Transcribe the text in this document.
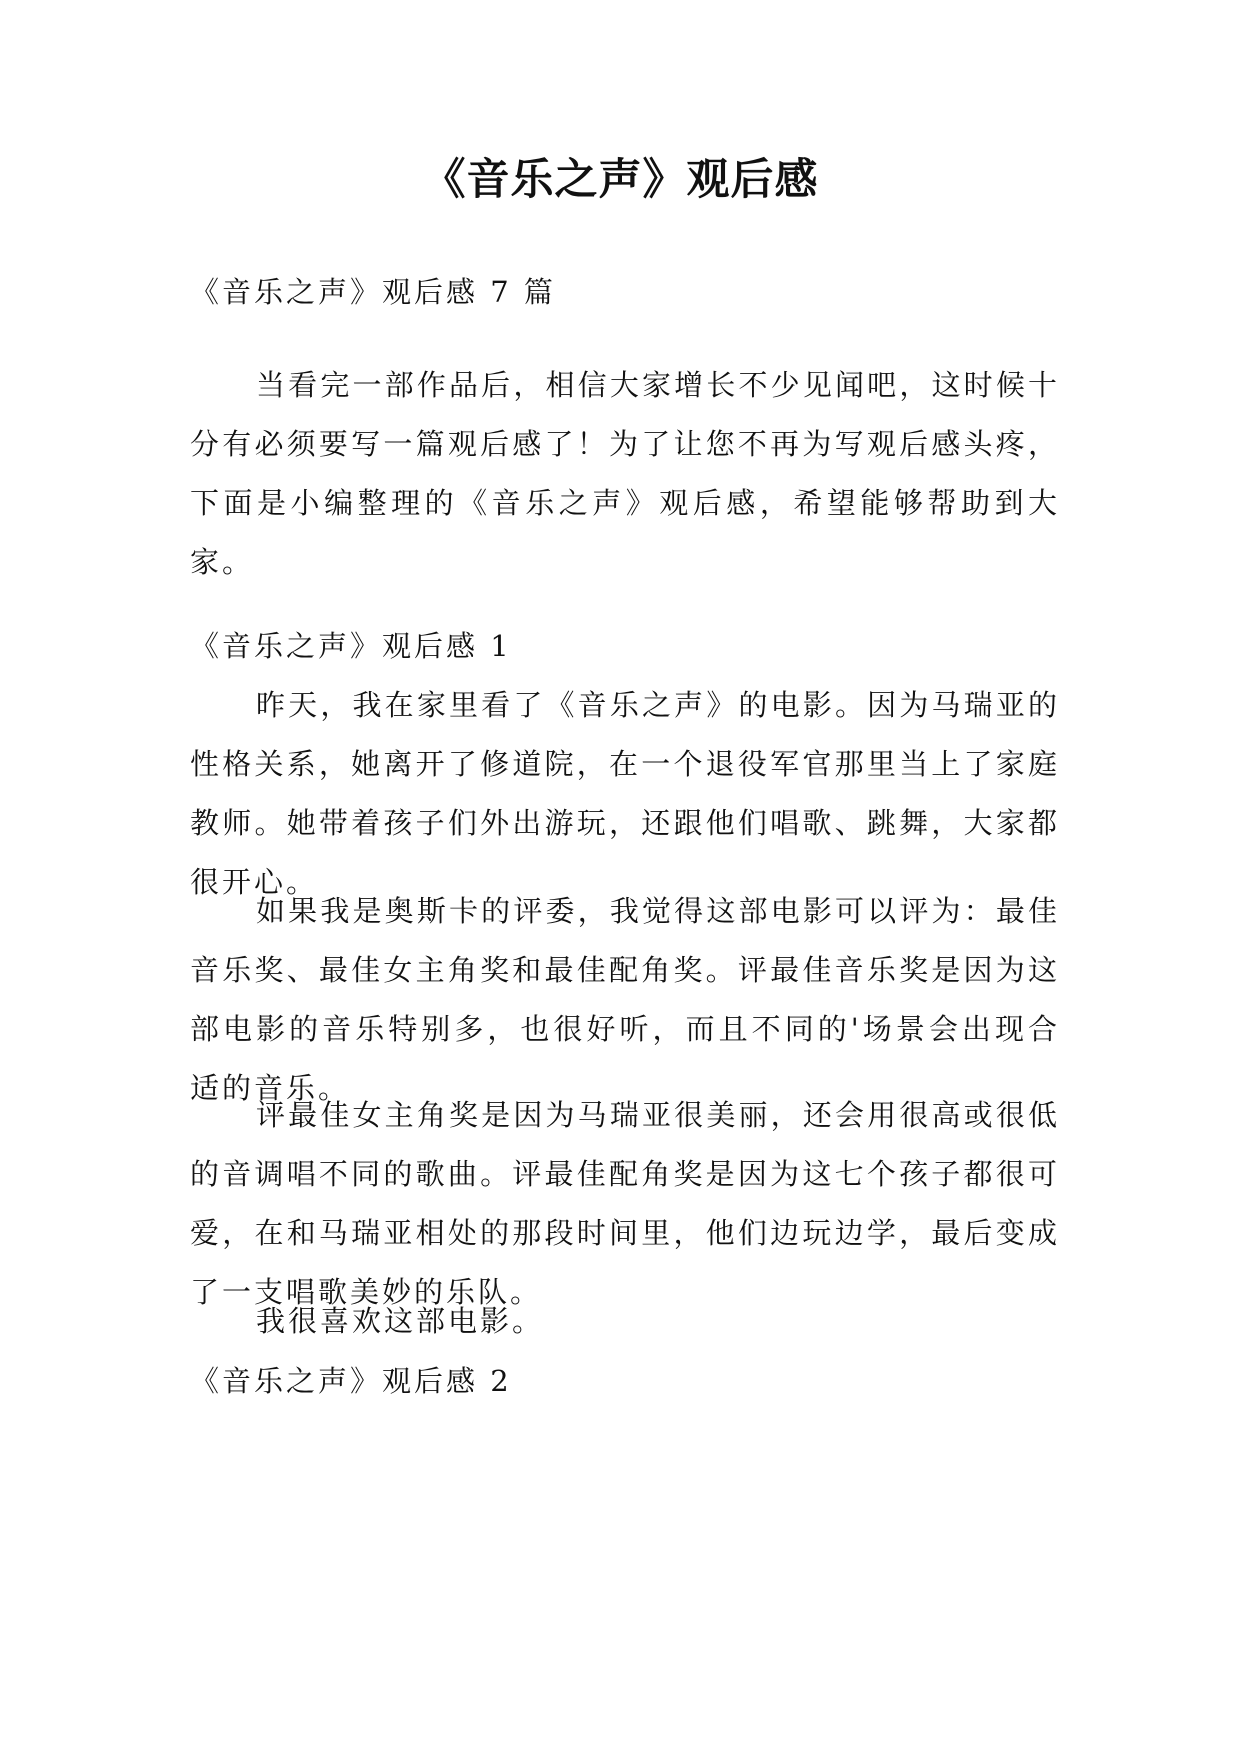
《音乐之声》观后感

《音乐之声》观后感 7 篇

当看完一部作品后，相信大家增长不少见闻吧，这时候十分有必须要写一篇观后感了！为了让您不再为写观后感头疼，下面是小编整理的《音乐之声》观后感，希望能够帮助到大家。

《音乐之声》观后感 1

昨天，我在家里看了《音乐之声》的电影。因为马瑞亚的性格关系，她离开了修道院，在一个退役军官那里当上了家庭教师。她带着孩子们外出游玩，还跟他们唱歌、跳舞，大家都很开心。

如果我是奥斯卡的评委，我觉得这部电影可以评为：最佳音乐奖、最佳女主角奖和最佳配角奖。评最佳音乐奖是因为这部电影的音乐特别多，也很好听，而且不同的'场景会出现合适的音乐。

评最佳女主角奖是因为马瑞亚很美丽，还会用很高或很低的音调唱不同的歌曲。评最佳配角奖是因为这七个孩子都很可爱，在和马瑞亚相处的那段时间里，他们边玩边学，最后变成了一支唱歌美妙的乐队。

我很喜欢这部电影。

《音乐之声》观后感 2
